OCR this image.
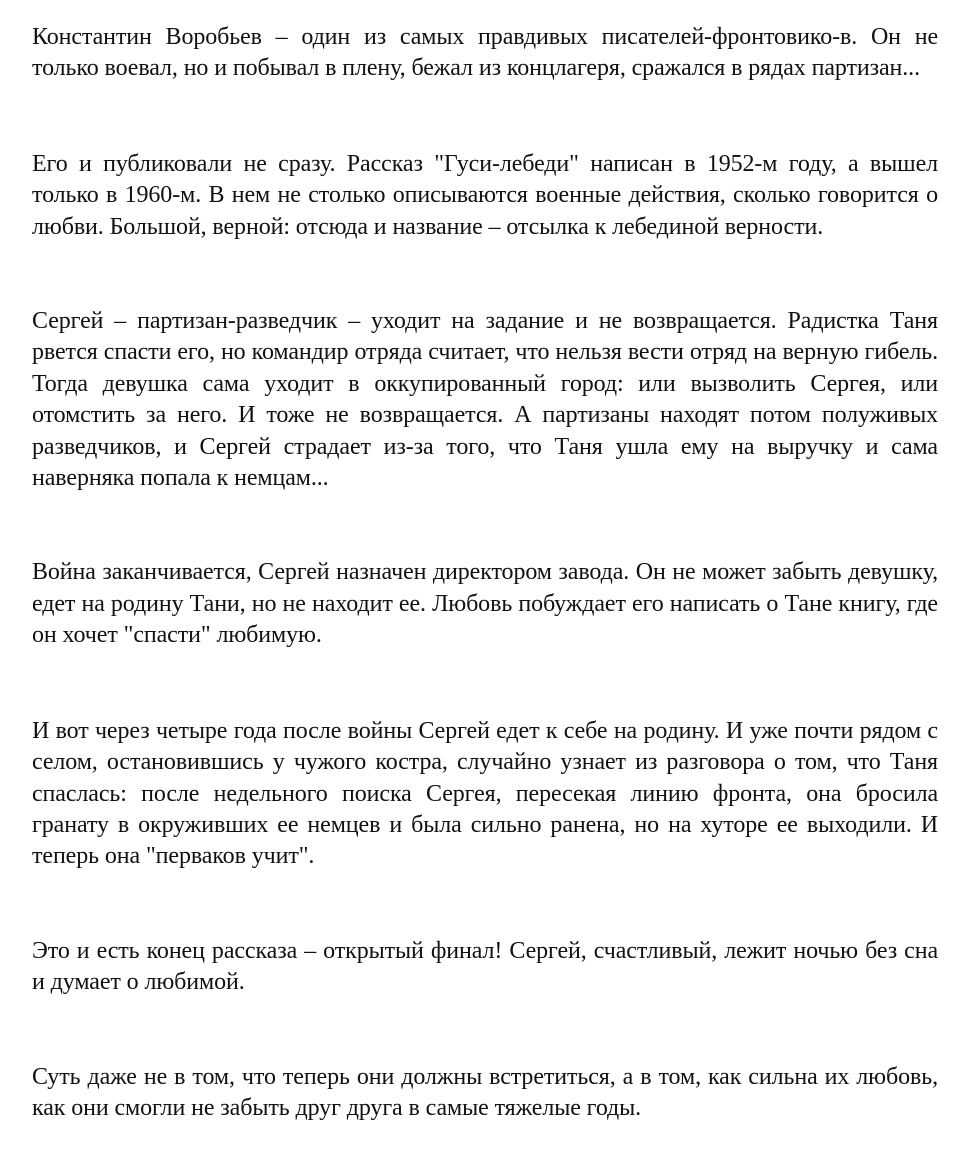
Константин Воробьев – один из самых правдивых писателей-фронтовико-в. Он не только воевал, но и побывал в плену, бежал из концлагеря, сражался в рядах партизан...

Его и публиковали не сразу. Рассказ "Гуси-лебеди" написан в 1952-м году, а вышел только в 1960-м. В нем не столько описываются военные действия, сколько говорится о любви. Большой, верной: отсюда и название – отсылка к лебединой верности.

Сергей – партизан-разведчик – уходит на задание и не возвращается. Радистка Таня рвется спасти его, но командир отряда считает, что нельзя вести отряд на верную гибель. Тогда девушка сама уходит в оккупированный город: или вызволить Сергея, или отомстить за него. И тоже не возвращается. А партизаны находят потом полуживых разведчиков, и Сергей страдает из-за того, что Таня ушла ему на выручку и сама наверняка попала к немцам...

Война заканчивается, Сергей назначен директором завода. Он не может забыть девушку, едет на родину Тани, но не находит ее. Любовь побуждает его написать о Тане книгу, где он хочет "спасти" любимую.

И вот через четыре года после войны Сергей едет к себе на родину. И уже почти рядом с селом, остановившись у чужого костра, случайно узнает из разговора о том, что Таня спаслась: после недельного поиска Сергея, пересекая линию фронта, она бросила гранату в окруживших ее немцев и была сильно ранена, но на хуторе ее выходили. И теперь она "перваков учит".

Это и есть конец рассказа – открытый финал! Сергей, счастливый, лежит ночью без сна и думает о любимой.

Суть даже не в том, что теперь они должны встретиться, а в том, как сильна их любовь, как они смогли не забыть друг друга в самые тяжелые годы.
